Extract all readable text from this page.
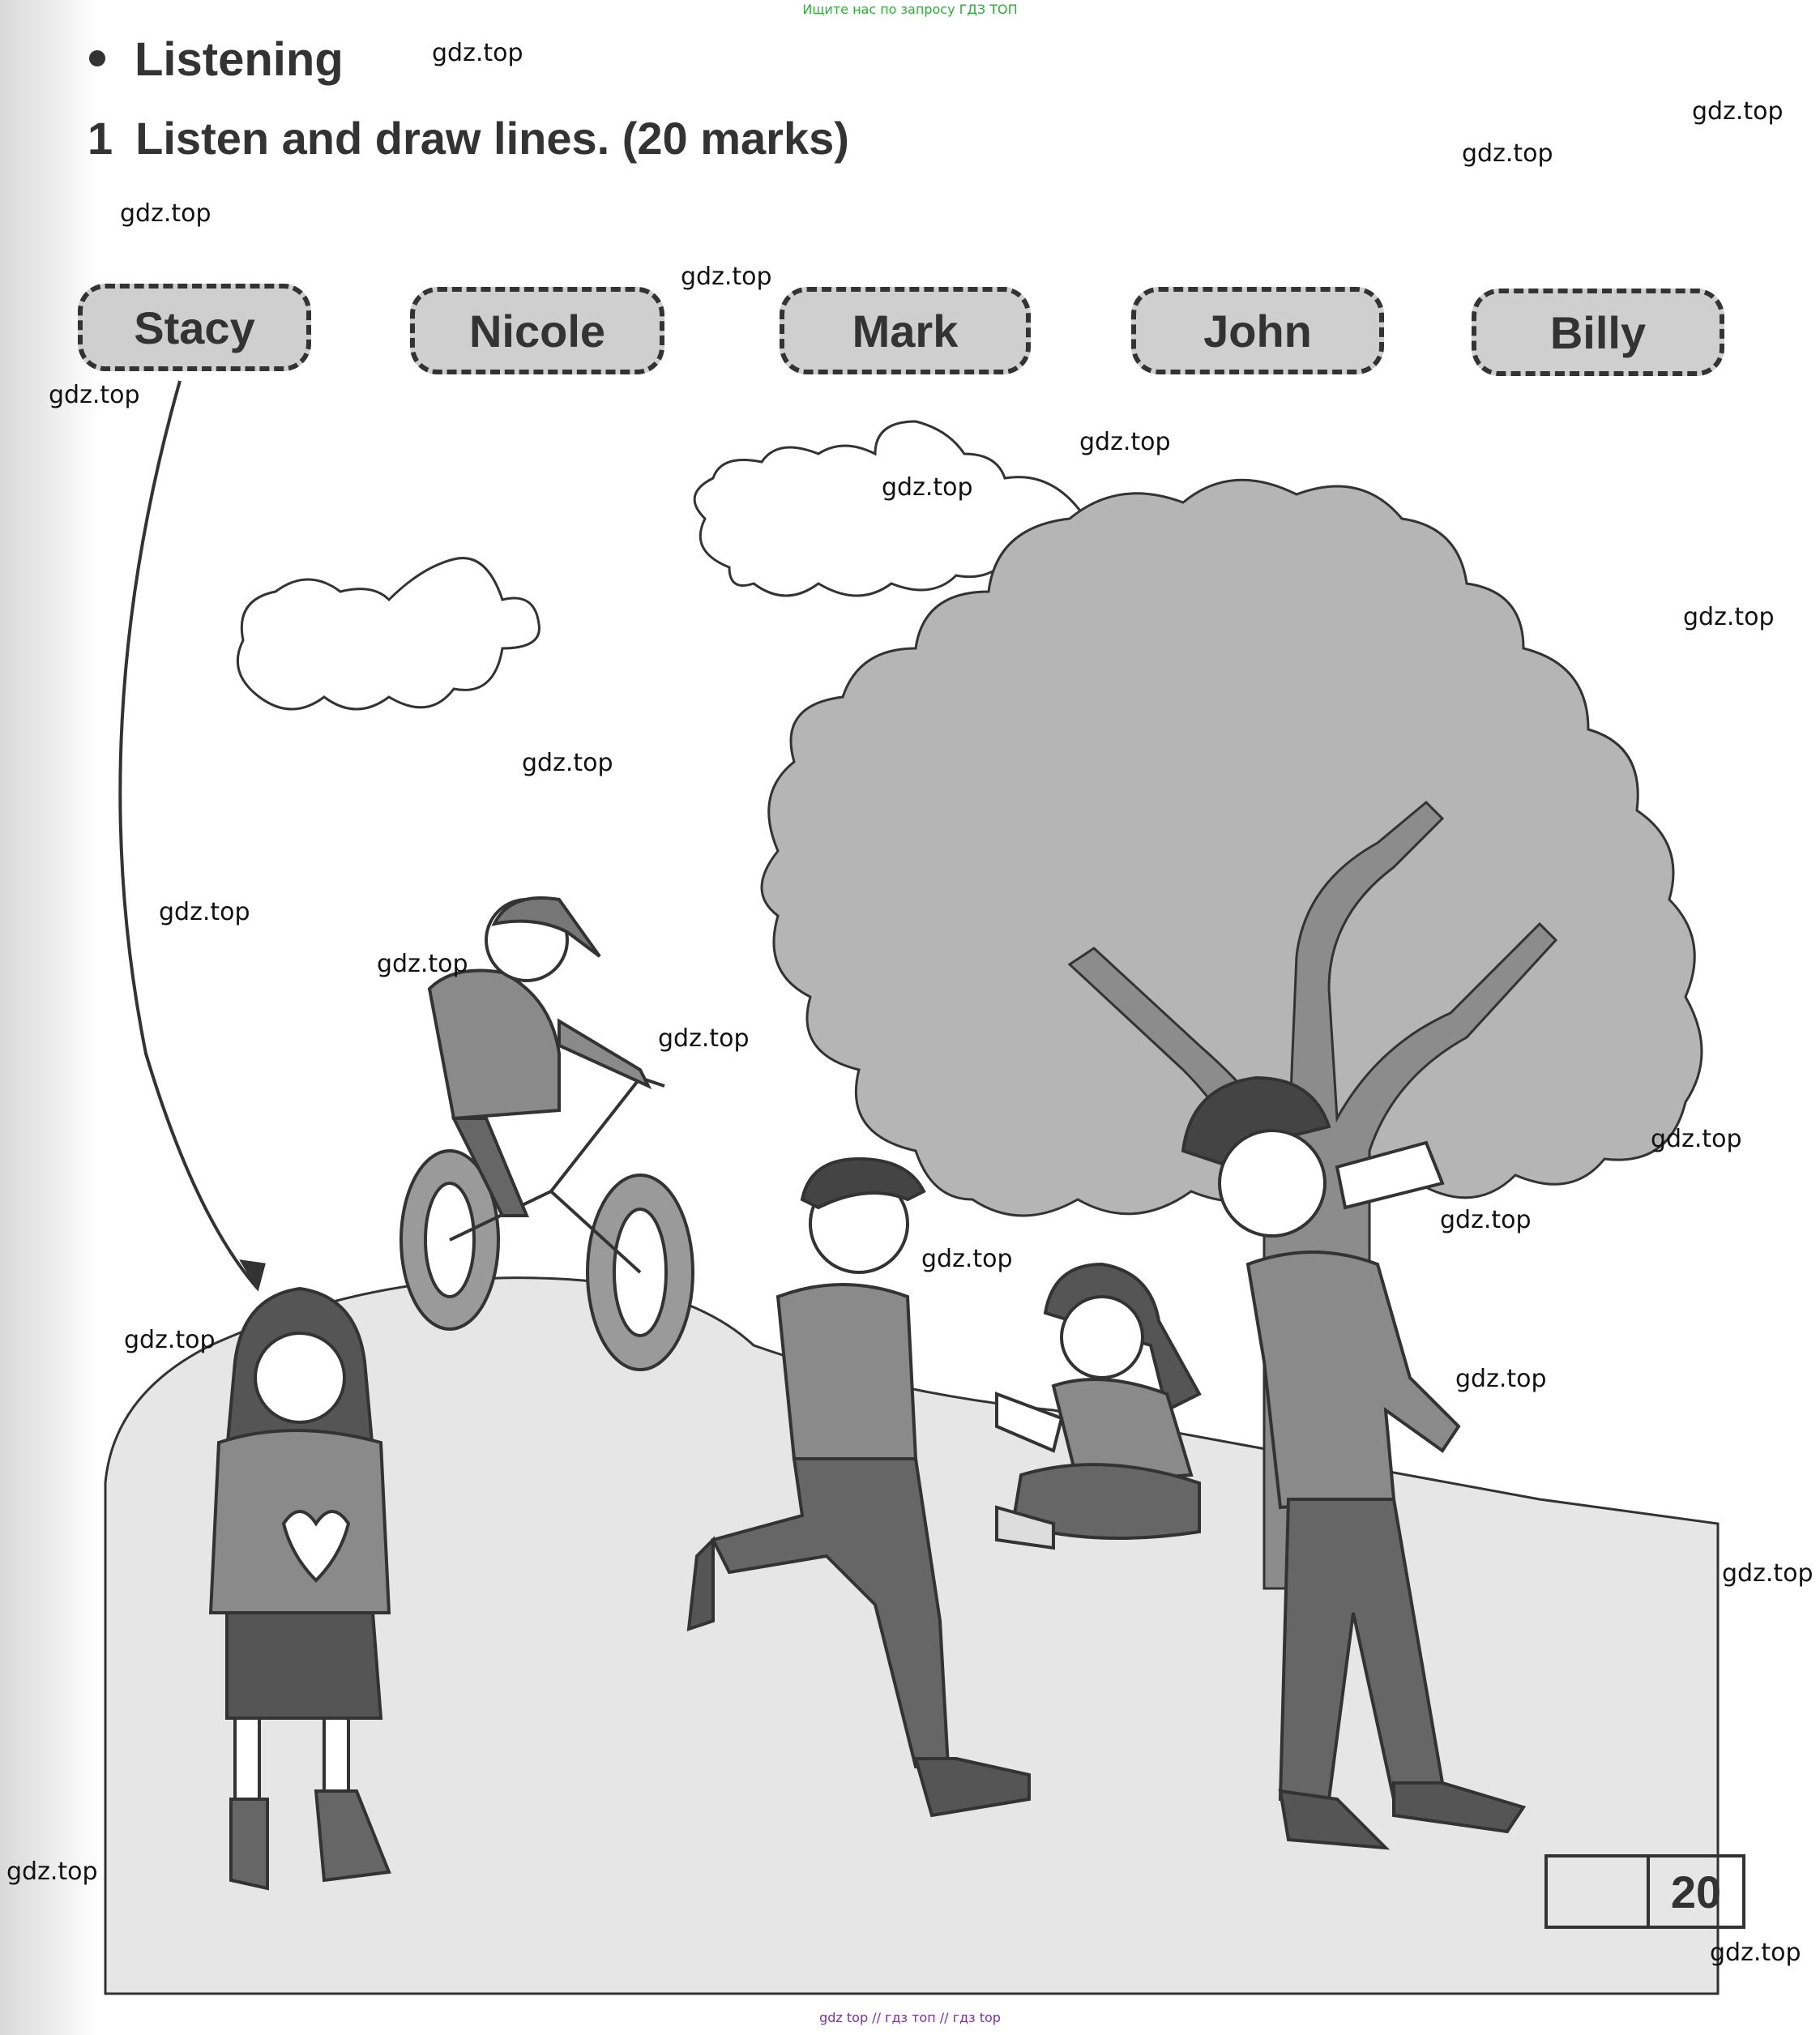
Ищите нас по запросу ГДЗ ТОП
Listening
1 Listen and draw lines. (20 marks)
Stacy	Nicole	Mark	John	Billy
20
gdz.top
gdz.top
gdz.top
gdz.top
gdz.top
gdz.top
gdz.top
gdz.top
gdz.top
gdz.top
gdz.top
gdz.top
gdz.top
gdz.top
gdz.top
gdz.top
gdz.top
gdz.top
gdz.top
gdz.top
gdz.top
gdz top // гдз топ // гдз top
